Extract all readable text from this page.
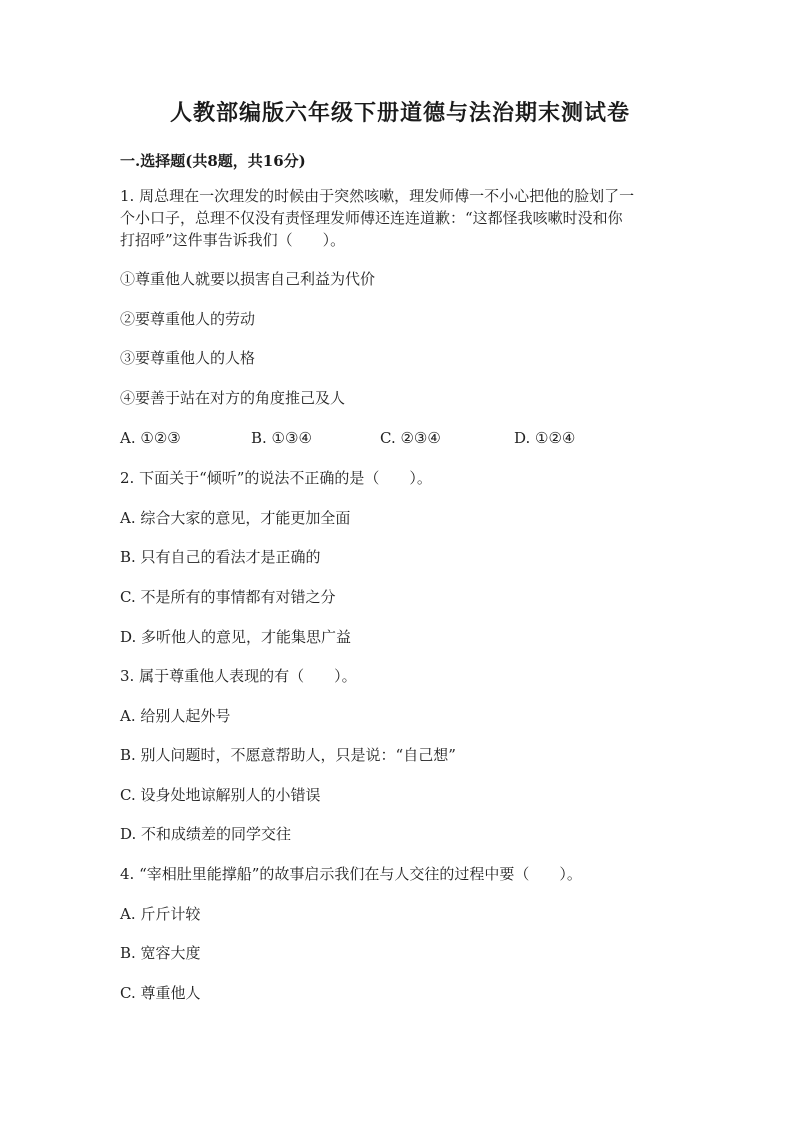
人教部编版六年级下册道德与法治期末测试卷
一.选择题(共8题，共16分)
1. 周总理在一次理发的时候由于突然咳嗽，理发师傅一不小心把他的脸划了一
个小口子，总理不仅没有责怪理发师傅还连连道歉：“这都怪我咳嗽时没和你
打招呼”这件事告诉我们（　　）。
①尊重他人就要以损害自己利益为代价
②要尊重他人的劳动
③要尊重他人的人格
④要善于站在对方的角度推己及人
A. ①②③	B. ①③④	C. ②③④	D. ①②④
2. 下面关于“倾听”的说法不正确的是（　　）。
A. 综合大家的意见，才能更加全面
B. 只有自己的看法才是正确的
C. 不是所有的事情都有对错之分
D. 多听他人的意见，才能集思广益
3. 属于尊重他人表现的有（　　）。
A. 给别人起外号
B. 别人问题时，不愿意帮助人，只是说：“自己想”
C. 设身处地谅解别人的小错误
D. 不和成绩差的同学交往
4. “宰相肚里能撑船”的故事启示我们在与人交往的过程中要（　　）。
A. 斤斤计较
B. 宽容大度
C. 尊重他人
